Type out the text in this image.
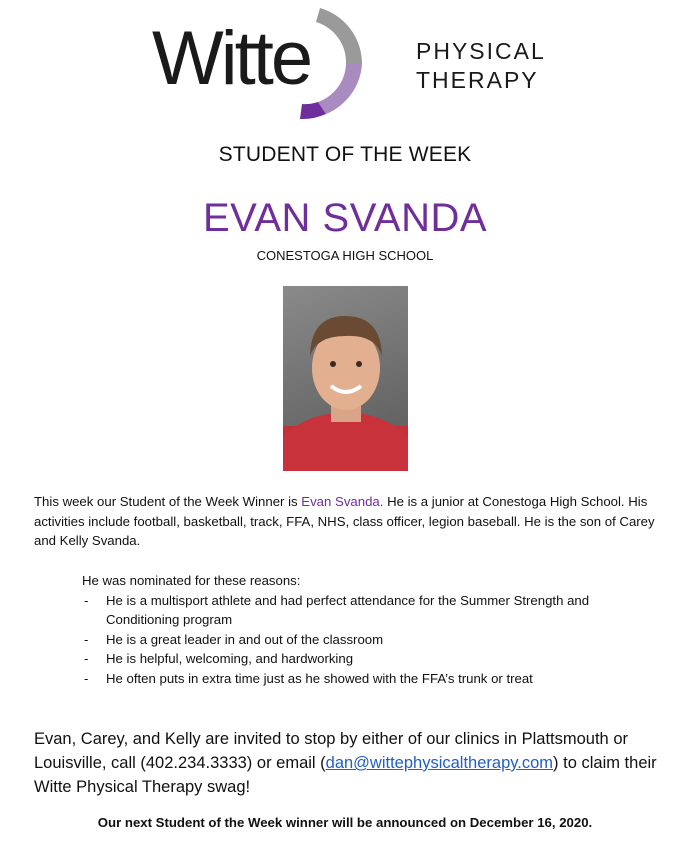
Witte	PHYSICAL
THERAPY
STUDENT OF THE WEEK
EVAN SVANDA
CONESTOGA HIGH SCHOOL
This week our Student of the Week Winner is Evan Svanda. He is a junior at Conestoga High School. His activities include football, basketball, track, FFA, NHS, class officer, legion baseball. He is the son of Carey and Kelly Svanda.
He was nominated for these reasons:
- He is a multisport athlete and had perfect attendance for the Summer Strength and Conditioning program
- He is a great leader in and out of the classroom
- He is helpful, welcoming, and hardworking
- He often puts in extra time just as he showed with the FFA’s trunk or treat
Evan, Carey, and Kelly are invited to stop by either of our clinics in Plattsmouth or Louisville, call (402.234.3333) or email (dan@wittephysicaltherapy.com) to claim their Witte Physical Therapy swag!
Our next Student of the Week winner will be announced on December 16, 2020.
